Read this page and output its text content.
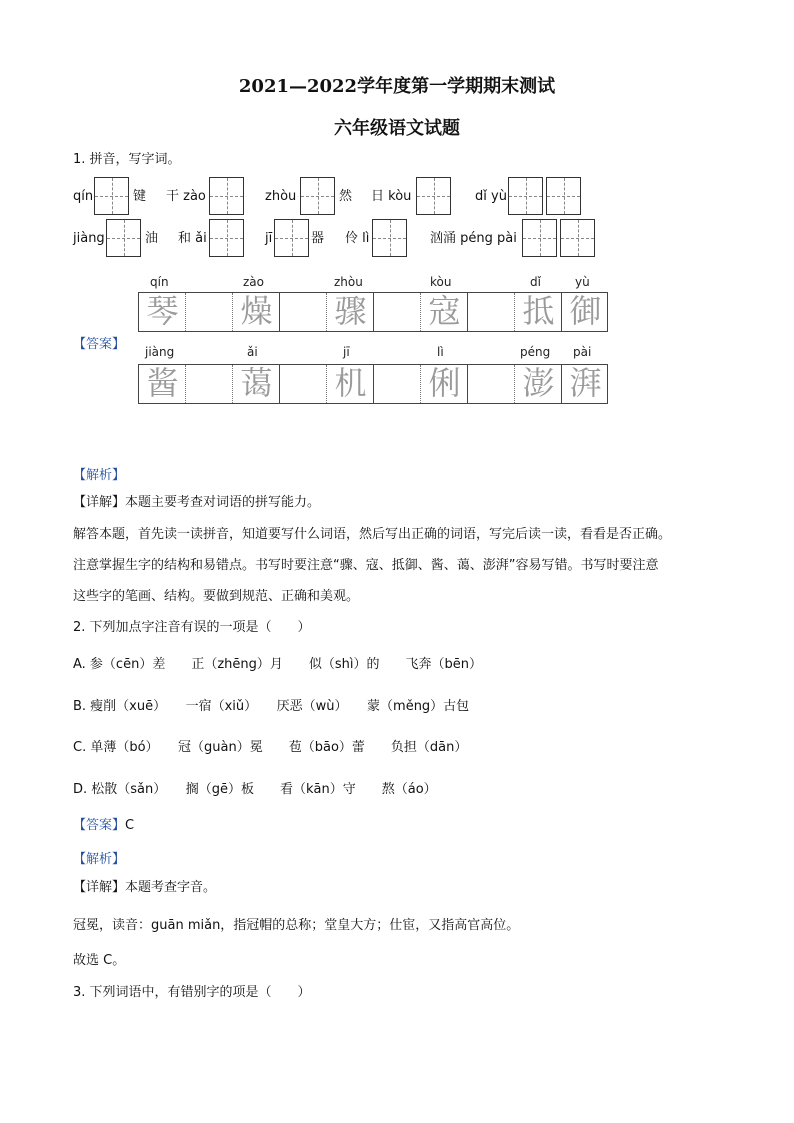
2021—2022学年度第一学期期末测试
六年级语文试题
1. 拼音，写字词。
qín	键 干 zào	zhòu	然 日 kòu	dǐ yù
jiàng	油 和 ǎi	jī	器 伶 lì	汹涌 péng pài
【答案】
qín	zào	zhòu	kòu	dǐ	yù
琴 燥 骤 寇 抵 御
jiàng	ǎi	jī	lì	péng pài
酱 蔼 机 俐 澎 湃
【解析】
【详解】本题主要考查对词语的拼写能力。
解答本题，首先读一读拼音，知道要写什么词语，然后写出正确的词语，写完后读一读，看看是否正确。
注意掌握生字的结构和易错点。书写时要注意“骤、寇、抵御、酱、蔼、澎湃”容易写错。书写时要注意
这些字的笔画、结构。要做到规范、正确和美观。
2. 下列加点字注音有误的一项是（　　）
A. 参（cēn）差　　正（zhēng）月　　似（shì）的　　飞奔（bēn）
B. 瘦削（xuē）　　一宿（xiǔ）　　厌恶（wù）　　蒙（měng）古包
C. 单薄（bó）　　冠（guàn）冕　　苞（bāo）蕾　　负担（dān）
D. 松散（sǎn）　　搁（gē）板　　看（kān）守　　熬（áo）
【答案】C
【解析】
【详解】本题考查字音。
冠冕，读音：guān miǎn，指冠帽的总称；堂皇大方；仕宦，又指高官高位。
故选 C。
3. 下列词语中，有错别字的项是（　　）
